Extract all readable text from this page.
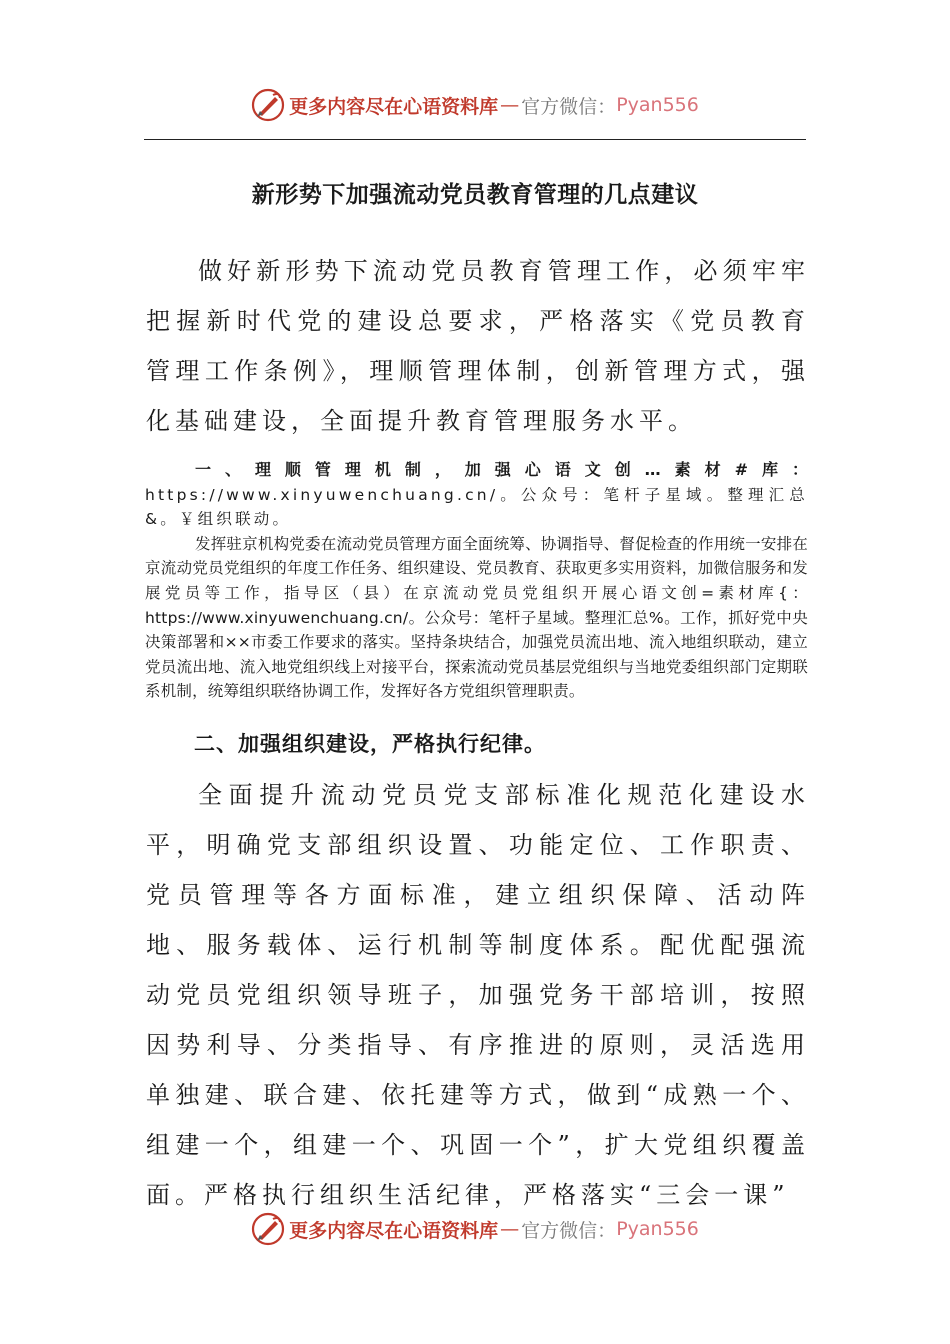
更多内容尽在心语资料库 — 官方微信： Pyan556
新形势下加强流动党员教育管理的几点建议

做好新形势下流动党员教育管理工作，必须牢牢把握新时代党的建设总要求，严格落实《党员教育管理工作条例》，理顺管理体制，创新管理方式，强化基础建设，全面提升教育管理服务水平。

一、理顺管理机制，加强心语文创…素材#库： https://www.xinyuwenchuang.cn/。公众号：笔杆子星域。整理汇总&。￥组织联动。

发挥驻京机构党委在流动党员管理方面全面统筹、协调指导、督促检查的作用统一安排在京流动党员党组织的年度工作任务、组织建设、党员教育、获取更多实用资料，加微信服务和发展党员等工作，指导区（县）在京流动党员党组织开展心语文创=素材库{：https://www.xinyuwenchuang.cn/。公众号：笔杆子星域。整理汇总%。工作，抓好党中央决策部署和××市委工作要求的落实。坚持条块结合，加强党员流出地、流入地组织联动，建立党员流出地、流入地党组织线上对接平台，探索流动党员基层党组织与当地党委组织部门定期联系机制，统筹组织联络协调工作，发挥好各方党组织管理职责。

二、加强组织建设，严格执行纪律。

全面提升流动党员党支部标准化规范化建设水平，明确党支部组织设置、功能定位、工作职责、党员管理等各方面标准，建立组织保障、活动阵地、服务载体、运行机制等制度体系。配优配强流动党员党组织领导班子，加强党务干部培训，按照因势利导、分类指导、有序推进的原则，灵活选用单独建、联合建、依托建等方式，做到“成熟一个、组建一个，组建一个、巩固一个”，扩大党组织覆盖面。严格执行组织生活纪律，严格落实“三会一课”

更多内容尽在心语资料库 — 官方微信： Pyan556
